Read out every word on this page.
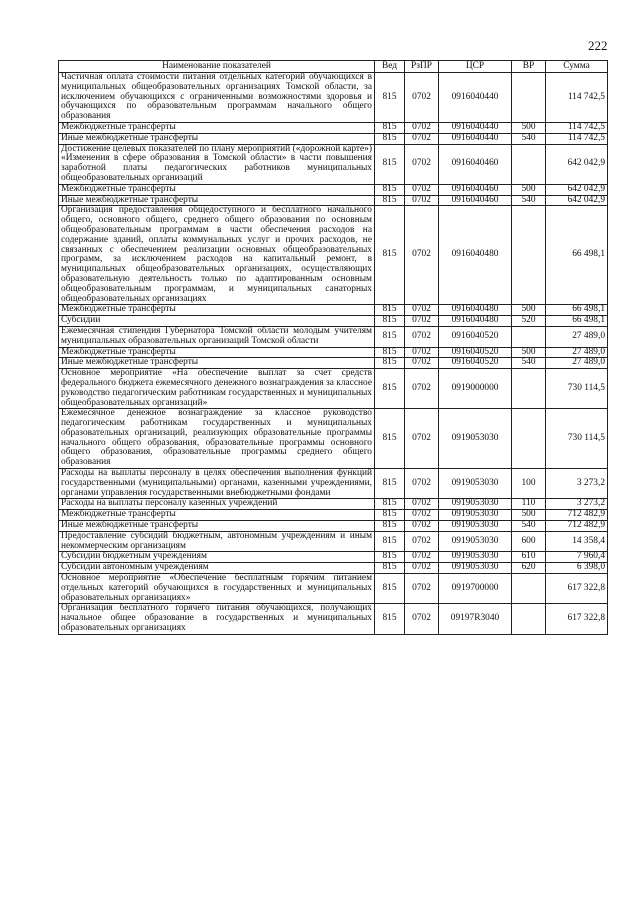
222
Наименование показателей	Вед	РзПР	ЦСР	ВР	Сумма
Частичная оплата стоимости питания отдельных категорий обучающихся в муниципальных общеобразовательных организациях Томской области, за исключением обучающихся с ограниченными возможностями здоровья и обучающихся по образовательным программам начального общего образования	815	0702	0916040440		114 742,5
Межбюджетные трансферты	815	0702	0916040440	500	114 742,5
Иные межбюджетные трансферты	815	0702	0916040440	540	114 742,5
Достижение целевых показателей по плану мероприятий («дорожной карте») «Изменения в сфере образования в Томской области» в части повышения заработной платы педагогических работников муниципальных общеобразовательных организаций	815	0702	0916040460		642 042,9
Межбюджетные трансферты	815	0702	0916040460	500	642 042,9
Иные межбюджетные трансферты	815	0702	0916040460	540	642 042,9
Организация предоставления общедоступного и бесплатного начального общего, основного общего, среднего общего образования по основным общеобразовательным программам в части обеспечения расходов на содержание зданий, оплаты коммунальных услуг и прочих расходов, не связанных с обеспечением реализации основных общеобразовательных программ, за исключением расходов на капитальный ремонт, в муниципальных общеобразовательных организациях, осуществляющих образовательную деятельность только по адаптированным основным общеобразовательным программам, и муниципальных санаторных общеобразовательных организациях	815	0702	0916040480		66 498,1
Межбюджетные трансферты	815	0702	0916040480	500	66 498,1
Субсидии	815	0702	0916040480	520	66 498,1
Ежемесячная стипендия Губернатора Томской области молодым учителям муниципальных образовательных организаций Томской области	815	0702	0916040520		27 489,0
Межбюджетные трансферты	815	0702	0916040520	500	27 489,0
Иные межбюджетные трансферты	815	0702	0916040520	540	27 489,0
Основное мероприятие «На обеспечение выплат за счет средств федерального бюджета ежемесячного денежного вознаграждения за классное руководство педагогическим работникам государственных и муниципальных общеобразовательных организаций»	815	0702	0919000000		730 114,5
Ежемесячное денежное вознаграждение за классное руководство педагогическим работникам государственных и муниципальных образовательных организаций, реализующих образовательные программы начального общего образования, образовательные программы основного общего образования, образовательные программы среднего общего образования	815	0702	0919053030		730 114,5
Расходы на выплаты персоналу в целях обеспечения выполнения функций государственными (муниципальными) органами, казенными учреждениями, органами управления государственными внебюджетными фондами	815	0702	0919053030	100	3 273,2
Расходы на выплаты персоналу казенных учреждений	815	0702	0919053030	110	3 273,2
Межбюджетные трансферты	815	0702	0919053030	500	712 482,9
Иные межбюджетные трансферты	815	0702	0919053030	540	712 482,9
Предоставление субсидий бюджетным, автономным учреждениям и иным некоммерческим организациям	815	0702	0919053030	600	14 358,4
Субсидии бюджетным учреждениям	815	0702	0919053030	610	7 960,4
Субсидии автономным учреждениям	815	0702	0919053030	620	6 398,0
Основное мероприятие «Обеспечение бесплатным горячим питанием отдельных категорий обучающихся в государственных и муниципальных образовательных организациях»	815	0702	0919700000		617 322,8
Организация бесплатного горячего питания обучающихся, получающих начальное общее образование в государственных и муниципальных образовательных организациях	815	0702	09197R3040		617 322,8
